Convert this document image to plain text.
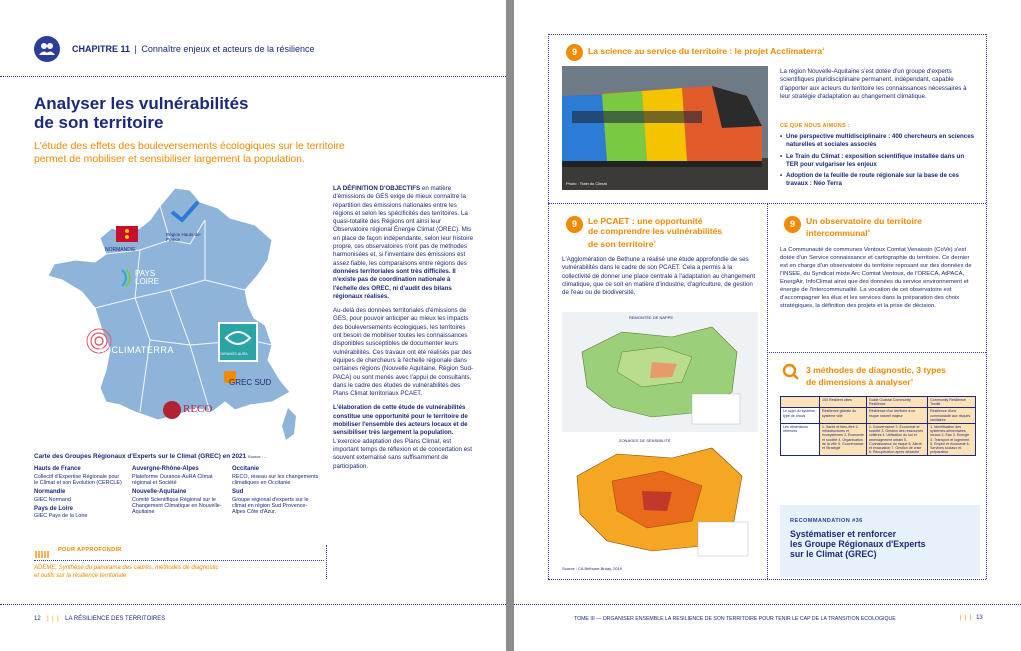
CHAPITRE 11 | Connaître enjeux et acteurs de la résilience
Analyser les vulnérabilités
de son territoire
L'étude des effets des bouleversements écologiques sur le territoire
permet de mobiliser et sensibiliser largement la population.
NORMANDIE
Région Hauts-de-France
PAYS LOIRE
ACCLIMATERRA	OURANOS-AURA
GREC SUD
RECO
Carte des Groupes Régionaux d'Experts sur le Climat (GREC) en 2021 Source : ...
Hauts de France
Collectif d'Expertise Régionale pour le Climat et son Évolution (CERCLE)
Normandie
GIEC Normand
Pays de Loire
GIEC Pays de la Loire
Auvergne-Rhône-Alpes
Plateforme Ouranos-AuRA Climat régional et Société
Nouvelle-Aquitaine
Comité Scientifique Régional sur le Changement Climatique en Nouvelle-Aquitaine
Occitanie
RECO, réseau sur les changements climatiques en Occitanie
Sud
Groupe régional d'experts sur le climat en région Sud Provence-Alpes Côte d'Azur.

LA DÉFINITION D'OBJECTIFS en matière d'émissions de GES exige de mieux connaître la répartition des émissions nationales entre les régions et selon les spécificités des territoires. La quasi-totalité des Régions ont ainsi leur Observatoire régional Énergie Climat (OREC). Mis en place de façon indépendante, selon leur histoire propre, ces observatoires n'ont pas de méthodes harmonisées et, si l'inventaire des émissions est assez fiable, les comparaisons entre régions des données territoriales sont très difficiles. Il n'existe pas de coordination nationale à l'échelle des OREC, ni d'audit des bilans régionaux réalisés.

Au-delà des données territoriales d'émissions de GES, pour pouvoir anticiper au mieux les impacts des bouleversements écologiques, les territoires ont besoin de mobiliser toutes les connaissances disponibles susceptibles de documenter leurs vulnérabilités. Ces travaux ont été réalisés par des équipes de chercheurs à l'échelle régionale dans certaines régions (Nouvelle Aquitaine, Région Sud-PACA) ou sont menés avec l'appui de consultants, dans le cadre des études de vulnérabilités des Plans Climat territoriaux PCAET.

L'élaboration de cette étude de vulnérabilités constitue une opportunité pour le territoire de mobiliser l'ensemble des acteurs locaux et de sensibiliser très largement la population. L'exercice adaptation des Plans Climat, est important temps de réflexion et de concertation est souvent externalisé sans suffisamment de participation.

POUR APPROFONDIR
ADEME, Synthèse du panorama des cadres, méthodes de diagnostic et outils sur la résilience territoriale
12 ❘❘❘ LA RÉSILIENCE DES TERRITOIRES
9	La science au service du territoire : le projet Acclimaterra$^1$
Photo : Train du Climat
La région Nouvelle-Aquitaine s'est dotée d'un groupe d'experts scientifiques pluridisciplinaire permanent, indépendant, capable d'apporter aux acteurs du territoire les connaissances nécessaires à leur stratégie d'adaptation au changement climatique.
CE QUE NOUS AIMONS :
• Une perspective multidisciplinaire : 400 chercheurs en sciences naturelles et sociales associés
• Le Train du Climat : exposition scientifique installée dans un TER pour vulgariser les enjeux
• Adoption de la feuille de route régionale sur la base de ces travaux : Néo Terra
9	Le PCAET : une opportunité
de comprendre les vulnérabilités
de son territoire$^2$
L'Agglomération de Bethune a réalisé une étude approfondie de ses vulnérabilités dans le cadre de son PCAET. Cela a permis à la collectivité de donner une place centrale à l'adaptation au changement climatique, que ce soit en matière d'industrie, d'agriculture, de gestion de l'eau ou de biodiversité.
REMONTÉE DE NAPPE
ZONAGES DE SENSIBILITÉ
Source : CA Béthune-Bruay, 2019
9	Un observatoire du territoire
intercommunal$^3$
La Communauté de communes Ventoux Comtat Venaissin (CoVe) s'est dotée d'un Service connaissance et cartographie du territoire. Ce dernier est en charge d'un observatoire du territoire reposant sur des données de l'INSEE, du Syndicat mixte Arc Comtat Ventoux, de l'ORECA, AtPACA, EnergAir, InfoClimat ainsi que des données du service environnement et énergie de l'intercommunalité. La vocation de cet observatoire est d'accompagner les élus et les services dans la préparation des choix stratégiques, la définition des projets et la prise de décision.
3 méthodes de diagnostic, 3 types
de dimensions à analyser$^4$
	100 Resilient cities	Guide Coastal Community Resilience	Community Resilience Toolkit
Le sujet du système, type de chocs	Résilience globale du système ville	Résilience d'un territoire à un risque naturel majeur	Résilience d'une communauté aux risques sanitaires
Les dimensions retenues	1. Santé et bien-être 2. Infrastructures et écosystèmes 3. Économie et société 4. Organisation de la ville 5. Gouvernance et Stratégie	1. Gouvernance 2. Économie et société 3. Gestion des ressources côtières 4. Utilisation du sol et aménagement urbain 5. Connaissance du risque 6. Alerte et évacuation 7. Gestion de crise 8. Récupération après désastre	1. Identification des systèmes alimentaires locaux 2. Eau 3. Énergie 4. Transport et logement 5. Emploi et économie 6. Services sociaux et préparation
RECOMMANDATION #36
Systématiser et renforcer
les Groupe Régionaux d'Experts
sur le Climat (GREC)
TOME III — ORGANISER ENSEMBLE LA RESILIENCE DE SON TERRITOIRE POUR TENIR LE CAP DE LA TRANSITION ECOLOGIQUE	❘❘❘ 13
